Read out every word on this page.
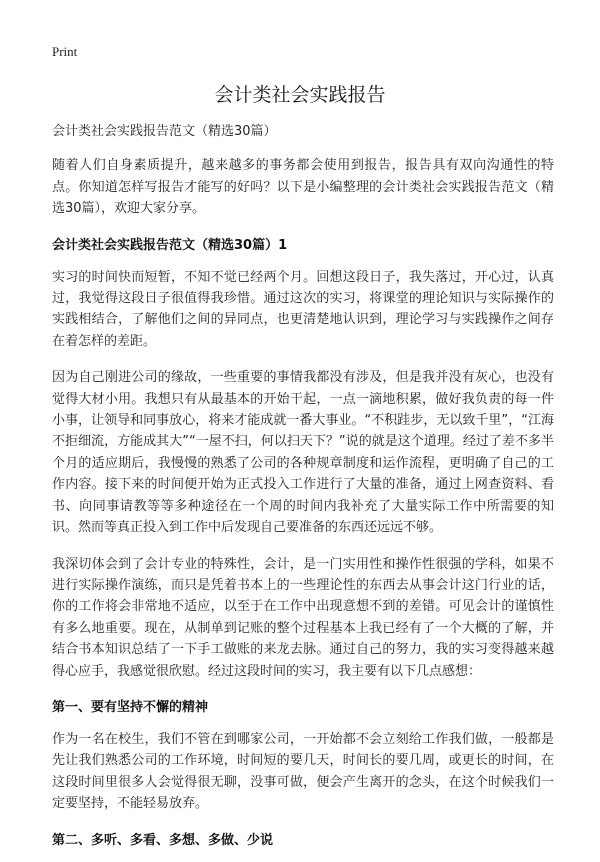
Print
会计类社会实践报告

会计类社会实践报告范文（精选30篇）

随着人们自身素质提升，越来越多的事务都会使用到报告，报告具有双向沟通性的特点。你知道怎样写报告才能写的好吗？以下是小编整理的会计类社会实践报告范文（精选30篇），欢迎大家分享。

会计类社会实践报告范文（精选30篇）1

实习的时间快而短暂，不知不觉已经两个月。回想这段日子，我失落过，开心过，认真过，我觉得这段日子很值得我珍惜。通过这次的实习，将课堂的理论知识与实际操作的实践相结合，了解他们之间的异同点，也更清楚地认识到，理论学习与实践操作之间存在着怎样的差距。

因为自己刚进公司的缘故，一些重要的事情我都没有涉及，但是我并没有灰心，也没有觉得大材小用。我想只有从最基本的开始干起，一点一滴地积累，做好我负责的每一件小事，让领导和同事放心，将来才能成就一番大事业。“不积跬步，无以致千里”，“江海不拒细流，方能成其大”“一屋不扫，何以扫天下？”说的就是这个道理。经过了差不多半个月的适应期后，我慢慢的熟悉了公司的各种规章制度和运作流程，更明确了自己的工作内容。接下来的时间便开始为正式投入工作进行了大量的准备，通过上网查资料、看书、向同事请教等等多种途径在一个周的时间内我补充了大量实际工作中所需要的知识。然而等真正投入到工作中后发现自己要准备的东西还远远不够。

我深切体会到了会计专业的特殊性，会计，是一门实用性和操作性很强的学科，如果不进行实际操作演练，而只是凭着书本上的一些理论性的东西去从事会计这门行业的话，你的工作将会非常地不适应，以至于在工作中出现意想不到的差错。可见会计的谨慎性有多么地重要。现在，从制单到记账的整个过程基本上我已经有了一个大概的了解，并结合书本知识总结了一下手工做账的来龙去脉。通过自己的努力，我的实习变得越来越得心应手，我感觉很欣慰。经过这段时间的实习，我主要有以下几点感想：

第一、要有坚持不懈的精神

作为一名在校生，我们不管在到哪家公司，一开始都不会立刻给工作我们做，一般都是先让我们熟悉公司的工作环境，时间短的要几天，时间长的要几周，或更长的时间，在这段时间里很多人会觉得很无聊，没事可做，便会产生离开的念头，在这个时候我们一定要坚持，不能轻易放弃。

第二、多听、多看、多想、多做、少说
